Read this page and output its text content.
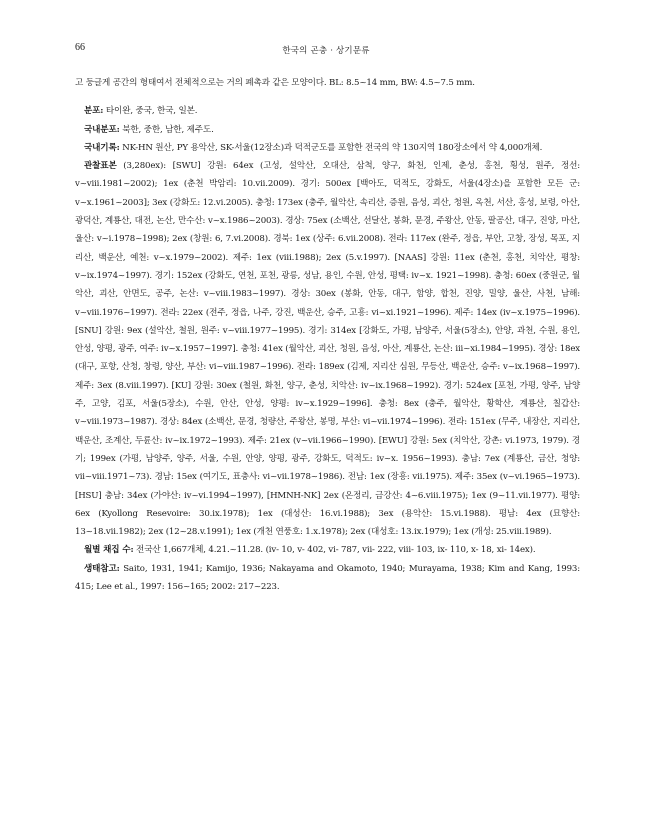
66	한국의 곤충 · 상기문류

고 둥글게 공간의 형태여서 전체적으로는 거의 폐촉과 같은 모양이다. BL: 8.5~14 mm, BW: 4.5~7.5 mm.

분포: 타이완, 중국, 한국, 일본.

국내분포: 북한, 중한, 남한, 제주도.

국내기록: NK-HN 원산, PY 용악산, SK-서울(12장소)과 덕적군도를 포함한 전국의 약 130지역 180장소에서 약 4,000개체.

관찰표본 (3,280ex): [SWU] 강원: 64ex (고성, 설악산, 오대산, 삼척, 양구, 화천, 인제, 춘성, 홍천, 횡성, 원주, 정선: v~viii.1981~2002); 1ex (춘천 박암리: 10.vii.2009). 경기: 500ex [백아도, 덕적도, 강화도, 서울(4장소)을 포함한 모든 군: v~x.1961~2003]; 3ex (강화도: 12.vi.2005). 충청: 173ex (충주, 월악산, 속리산, 증원, 음성, 괴산, 청원, 옥천, 서산, 홍성, 보령, 아산, 광덕산, 계룡산, 대전, 논산, 만수산: v~x.1986~2003). 경상: 75ex (소백산, 선달산, 봉화, 문경, 주왕산, 안동, 팔공산, 대구, 진양, 마산, 울산: v~i.1978~1998); 2ex (창원: 6, 7.vi.2008). 경북: 1ex (상주: 6.vii.2008). 전라: 117ex (완주, 정읍, 부안, 고창, 장성, 목포, 지리산, 백운산, 예천: v~x.1979~2002). 제주: 1ex (viii.1988); 2ex (5.v.1997). [NAAS] 강원: 11ex (춘천, 홍천, 치악산, 평창: v~ix.1974~1997). 경기: 152ex (강화도, 연천, 포천, 광릉, 성남, 용인, 수원, 안성, 평택: iv~x. 1921~1998). 충청: 60ex (중원군, 월악산, 괴산, 안면도, 공주, 논산: v~viii.1983~1997). 경상: 30ex (봉화, 안동, 대구, 함양, 합천, 진양, 밀양, 울산, 사천, 남해: v~viii.1976~1997). 전라: 22ex (전주, 정읍, 나주, 강진, 백운산, 승주, 고흥: vi~xi.1921~1996). 제주: 14ex (iv~x.1975~1996). [SNU] 강원: 9ex (설악산, 철원, 원주: v~viii.1977~1995). 경기: 314ex [강화도, 가평, 남양주, 서울(5장소), 안양, 과천, 수원, 용인, 안성, 양평, 광주, 여주: iv~x.1957~1997]. 충청: 41ex (월악산, 괴산, 청원, 음성, 아산, 계룡산, 논산: iii~xi.1984~1995). 경상: 18ex (대구, 포항, 산청, 창령, 양산, 부산: vi~viii.1987~1996). 전라: 189ex (김제, 지리산 심원, 무등산, 백운산, 승주: v~ix.1968~1997). 제주: 3ex (8.viii.1997). [KU] 강원: 30ex (철원, 화천, 양구, 춘성, 치악산: iv~ix.1968~1992). 경기: 524ex [포천, 가평, 양주, 남양주, 고양, 김포, 서울(5장소), 수원, 안산, 안성, 양평: iv~x.1929~1996]. 충청: 8ex (충주, 월악산, 황학산, 계룡산, 칠갑산: v~viii.1973~1987). 경상: 84ex (소백산, 문경, 청량산, 주왕산, 봉명, 부산: vi~vii.1974~1996). 전라: 151ex (무주, 내장산, 지리산, 백운산, 조계산, 두륜산: iv~ix.1972~1993). 제주: 21ex (v~vii.1966~1990). [EWU] 강원: 5ex (치악산, 강촌: vi.1973, 1979). 경기; 199ex (가평, 남양주, 양주, 서울, 수원, 안양, 양평, 광주, 강화도, 덕적도: iv~x. 1956~1993). 충남: 7ex (계룡산, 금산, 청양: vii~viii.1971~73). 경남: 15ex (여기도, 표충사: vi~vii.1978~1986). 전남: 1ex (장흥: vii.1975). 제주: 35ex (v~vi.1965~1973). [HSU] 충남: 34ex (가야산: iv~vi.1994~1997), [HMNH-NK] 2ex (온정리, 금강산: 4~6.viii.1975); 1ex (9~11.vii.1977). 평양: 6ex (Kyollong Resevoire: 30.ix.1978); 1ex (대성산: 16.vi.1988); 3ex (용악산: 15.vi.1988). 평남: 4ex (묘향산: 13~18.vii.1982); 2ex (12~28.v.1991); 1ex (개천 연풍호: 1.x.1978); 2ex (대성호: 13.ix.1979); 1ex (개성: 25.viii.1989).

월별 채집 수: 전국산 1,667개체, 4.21.~11.28. (iv- 10, v- 402, vi- 787, vii- 222, viii- 103, ix- 110, x- 18, xi- 14ex).

생태참고: Saito, 1931, 1941; Kamijo, 1936; Nakayama and Okamoto, 1940; Murayama, 1938; Kim and Kang, 1993: 415; Lee et al., 1997: 156~165; 2002: 217~223.
